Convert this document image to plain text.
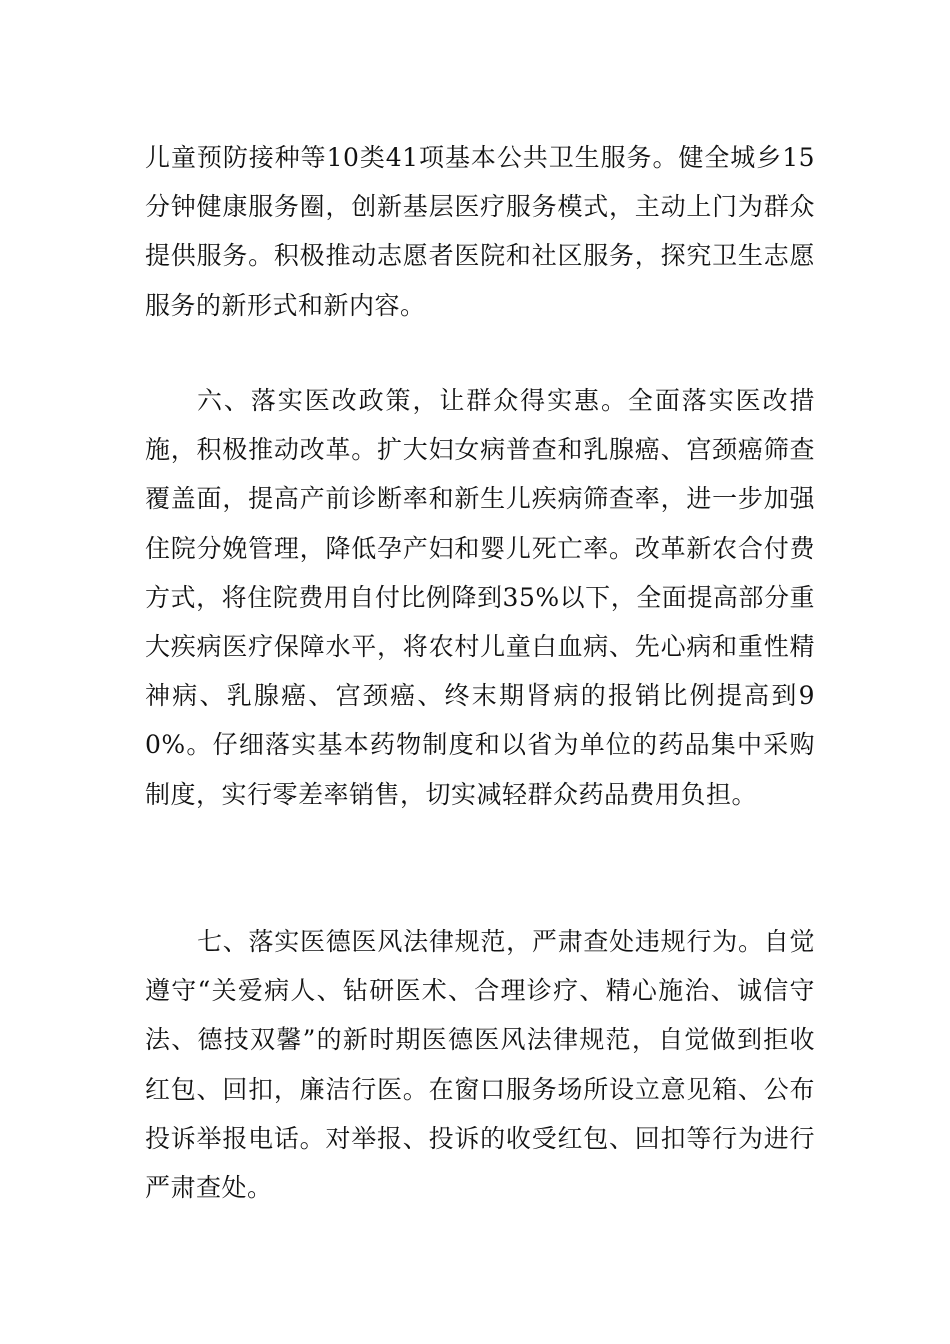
儿童预防接种等10类41项基本公共卫生服务。健全城乡15分钟健康服务圈，创新基层医疗服务模式，主动上门为群众提供服务。积极推动志愿者医院和社区服务，探究卫生志愿服务的新形式和新内容。

六、落实医改政策，让群众得实惠。全面落实医改措施，积极推动改革。扩大妇女病普查和乳腺癌、宫颈癌筛查覆盖面，提高产前诊断率和新生儿疾病筛查率，进一步加强住院分娩管理，降低孕产妇和婴儿死亡率。改革新农合付费方式，将住院费用自付比例降到35%以下，全面提高部分重大疾病医疗保障水平，将农村儿童白血病、先心病和重性精神病、乳腺癌、宫颈癌、终末期肾病的报销比例提高到90%。仔细落实基本药物制度和以省为单位的药品集中采购制度，实行零差率销售，切实减轻群众药品费用负担。

七、落实医德医风法律规范，严肃查处违规行为。自觉遵守“关爱病人、钻研医术、合理诊疗、精心施治、诚信守法、德技双馨”的新时期医德医风法律规范，自觉做到拒收红包、回扣，廉洁行医。在窗口服务场所设立意见箱、公布投诉举报电话。对举报、投诉的收受红包、回扣等行为进行严肃查处。
